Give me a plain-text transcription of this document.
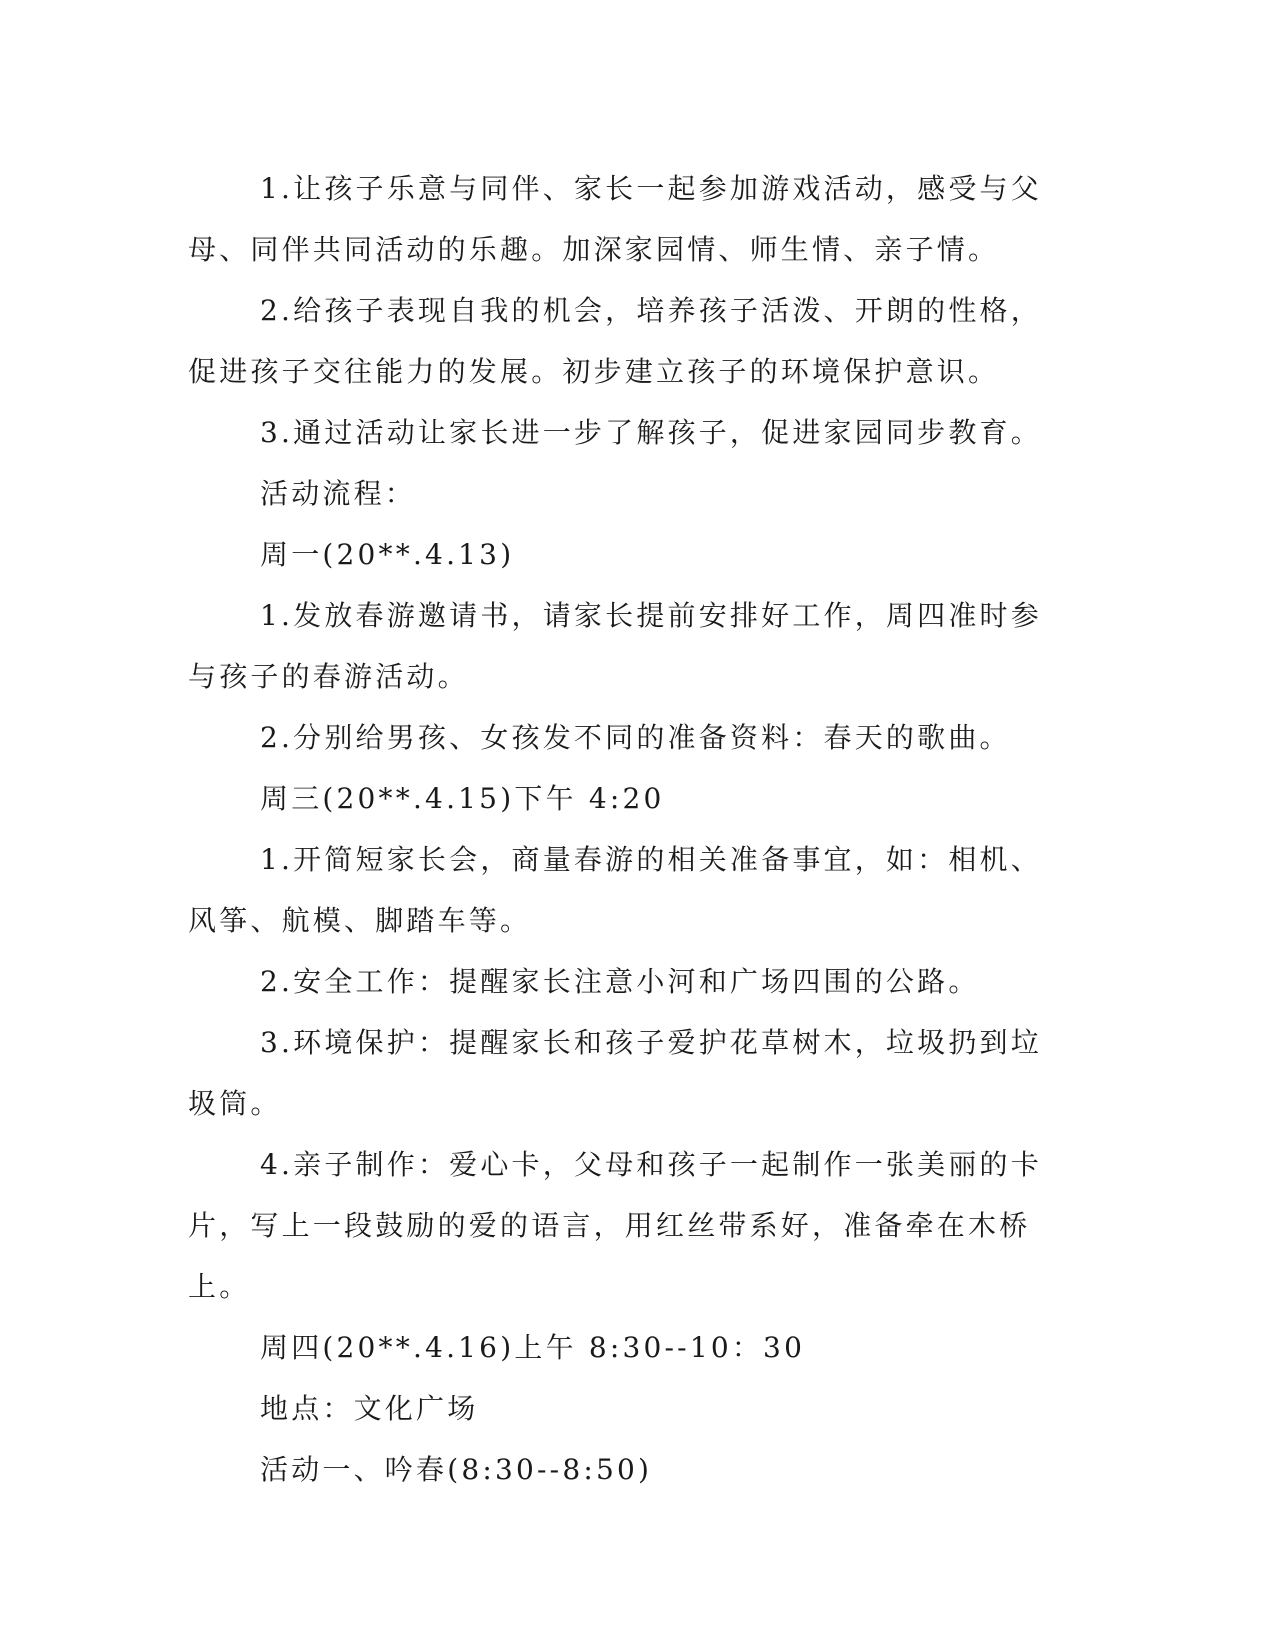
1.让孩子乐意与同伴、家长一起参加游戏活动，感受与父母、同伴共同活动的乐趣。加深家园情、师生情、亲子情。

2.给孩子表现自我的机会，培养孩子活泼、开朗的性格，促进孩子交往能力的发展。初步建立孩子的环境保护意识。

3.通过活动让家长进一步了解孩子，促进家园同步教育。

活动流程：

周一(20**.4.13)

1.发放春游邀请书，请家长提前安排好工作，周四准时参与孩子的春游活动。

2.分别给男孩、女孩发不同的准备资料：春天的歌曲。

周三(20**.4.15)下午 4:20

1.开简短家长会，商量春游的相关准备事宜，如：相机、风筝、航模、脚踏车等。

2.安全工作：提醒家长注意小河和广场四围的公路。

3.环境保护：提醒家长和孩子爱护花草树木，垃圾扔到垃圾筒。

4.亲子制作：爱心卡，父母和孩子一起制作一张美丽的卡片，写上一段鼓励的爱的语言，用红丝带系好，准备牵在木桥上。

周四(20**.4.16)上午 8:30--10：30

地点：文化广场

活动一、吟春(8:30--8:50)
